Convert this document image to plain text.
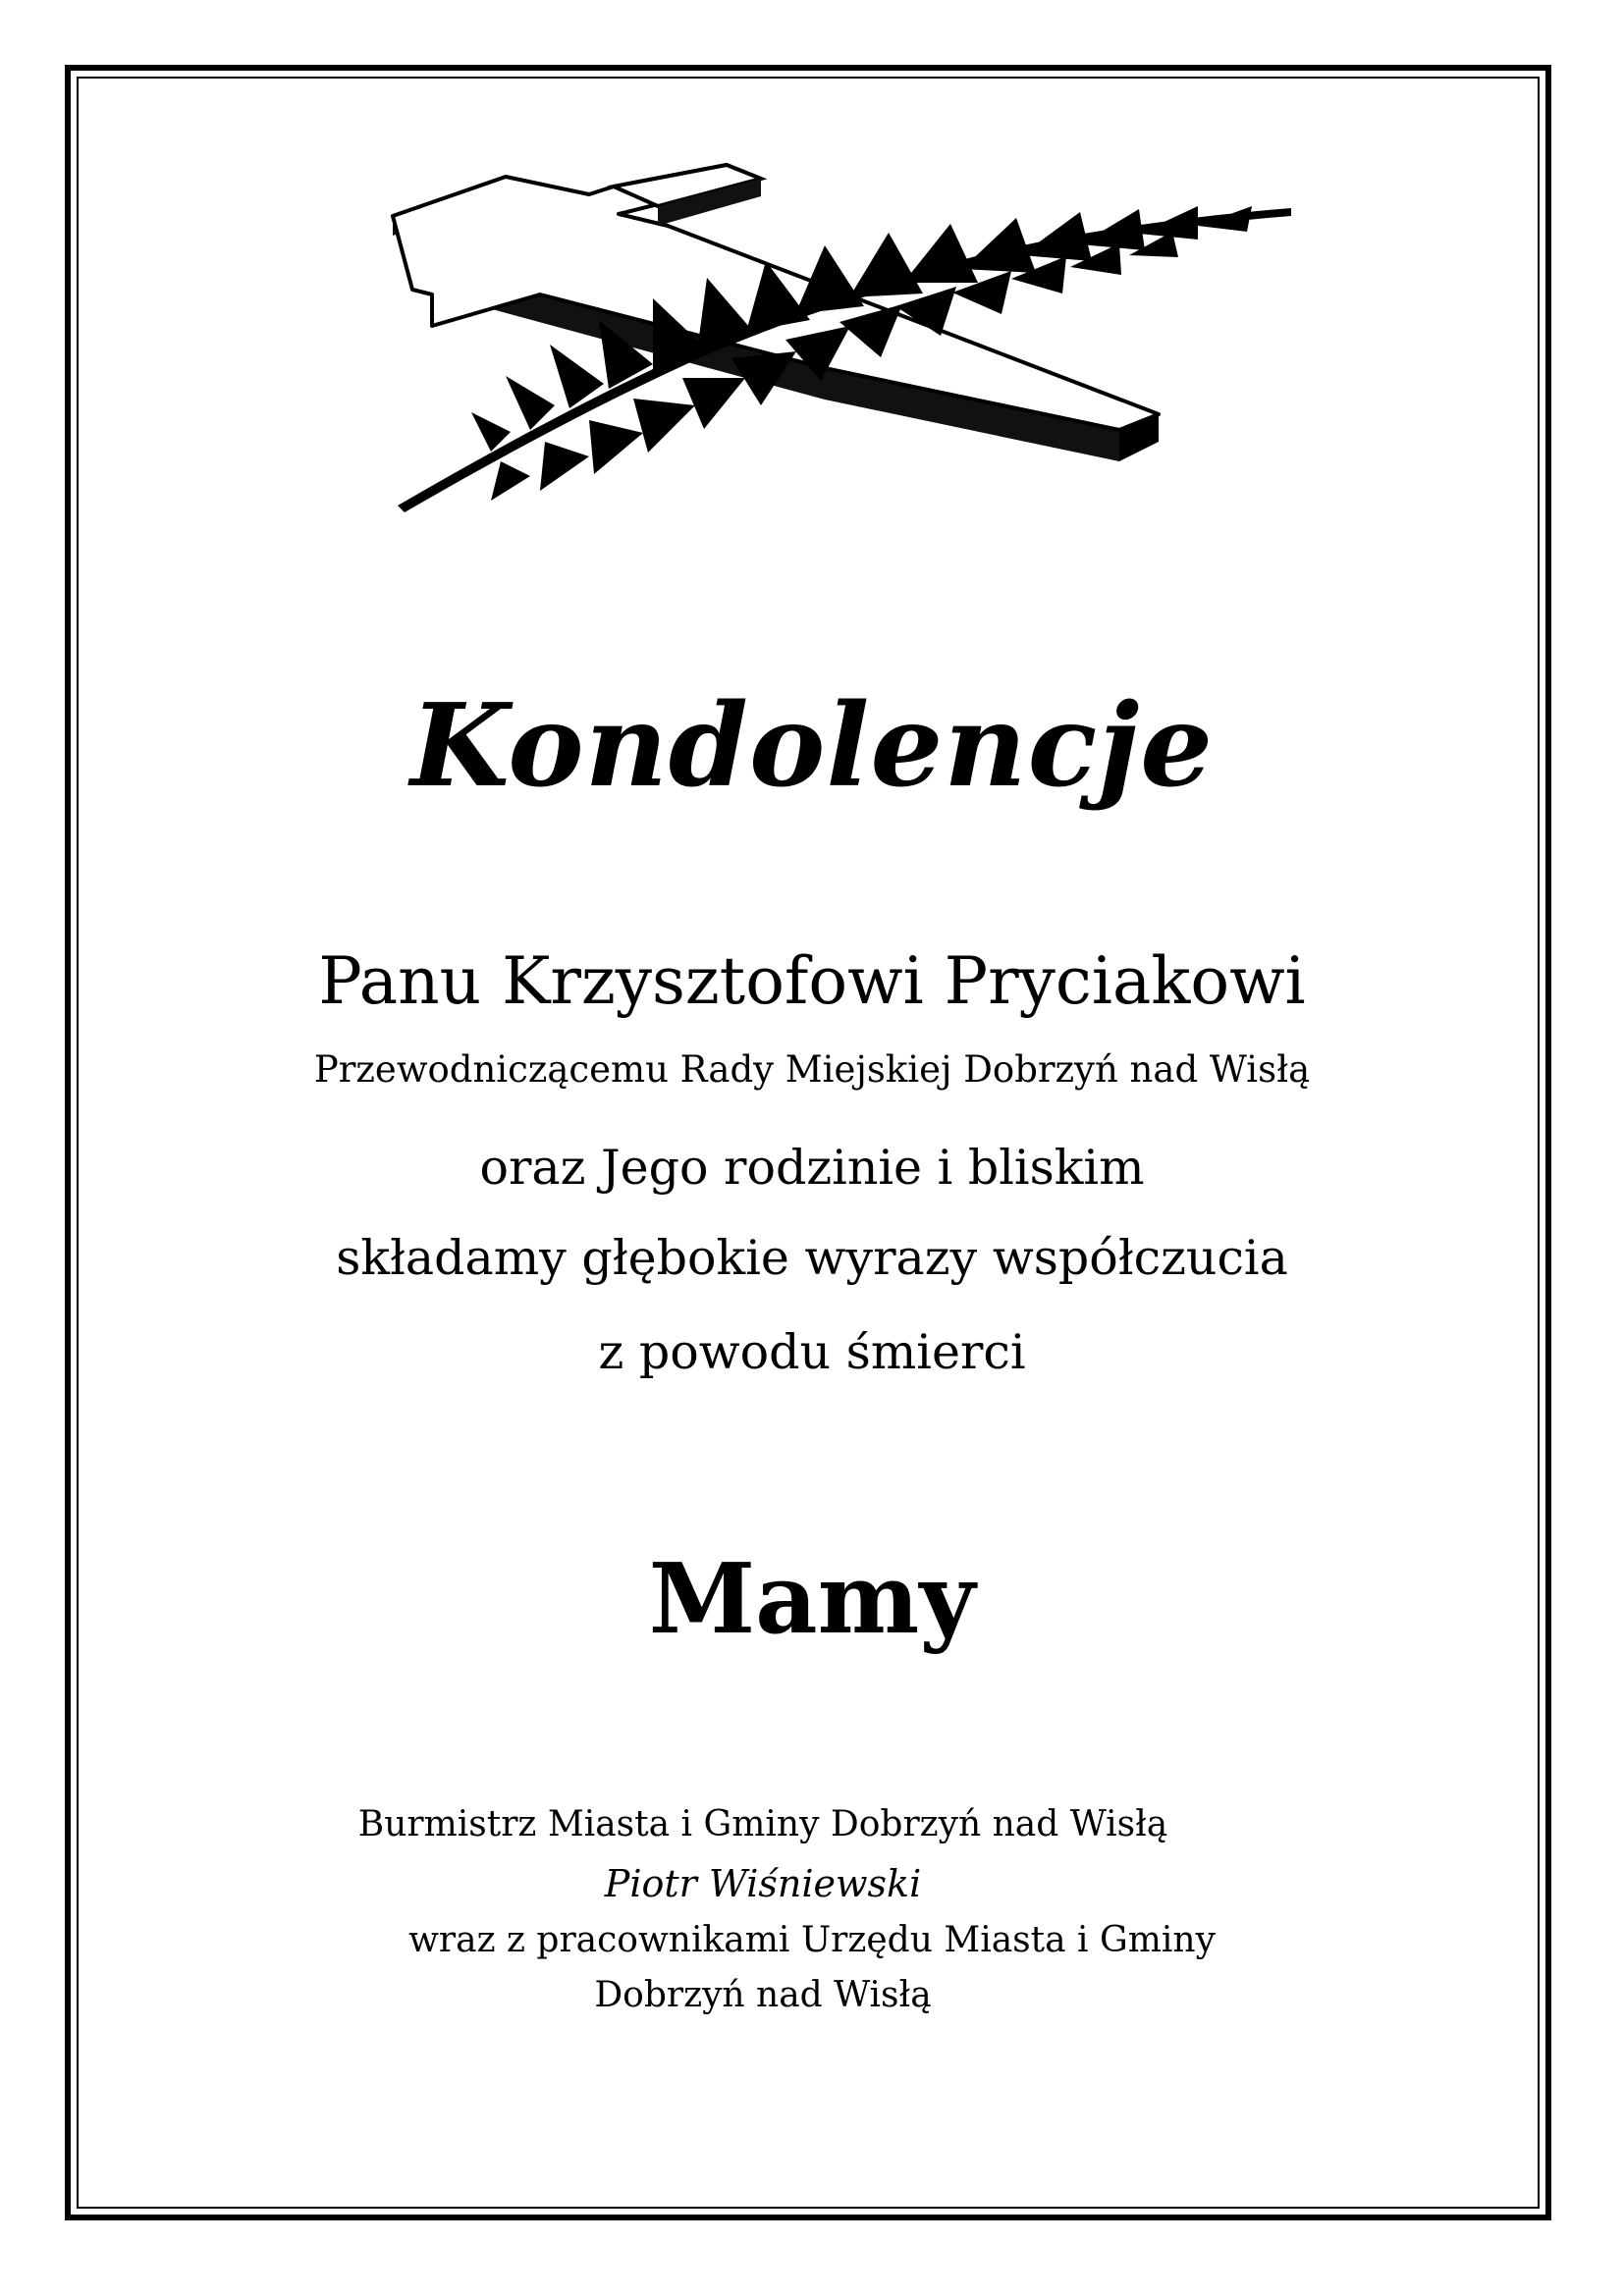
Kondolencje

Panu Krzysztofowi Pryciakowi

Przewodniczącemu Rady Miejskiej Dobrzyń nad Wisłą

oraz Jego rodzinie i bliskim

składamy głębokie wyrazy współczucia

z powodu śmierci

Mamy

Burmistrz Miasta i Gminy Dobrzyń nad Wisłą

Piotr Wiśniewski

wraz z pracownikami Urzędu Miasta i Gminy

Dobrzyń nad Wisłą
